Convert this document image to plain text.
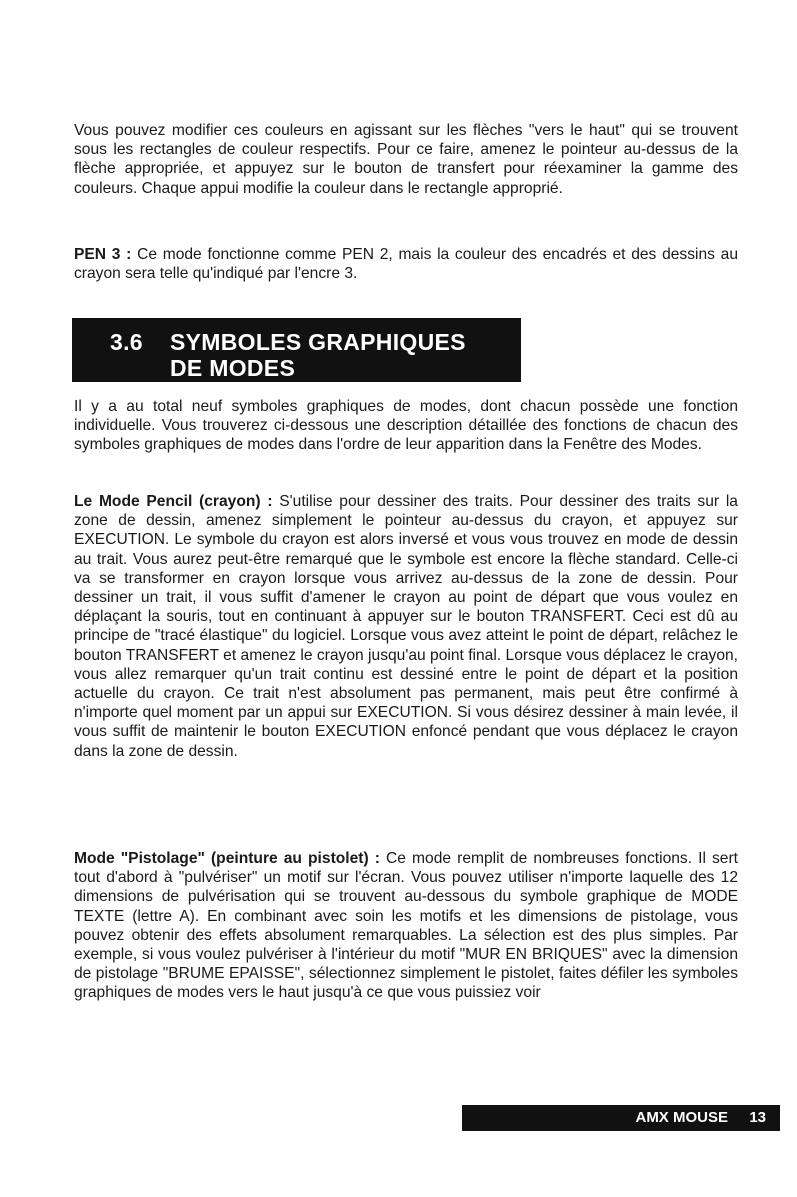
Vous pouvez modifier ces couleurs en agissant sur les flèches "vers le haut" qui se trouvent sous les rectangles de couleur respectifs. Pour ce faire, amenez le pointeur au-dessus de la flèche appropriée, et appuyez sur le bouton de transfert pour réexaminer la gamme des couleurs. Chaque appui modifie la couleur dans le rectangle approprié.

PEN 3 : Ce mode fonctionne comme PEN 2, mais la couleur des encadrés et des dessins au crayon sera telle qu'indiqué par l'encre 3.

3.6 SYMBOLES GRAPHIQUES
DE MODES

Il y a au total neuf symboles graphiques de modes, dont chacun possède une fonction individuelle. Vous trouverez ci-dessous une description détaillée des fonctions de chacun des symboles graphiques de modes dans l'ordre de leur apparition dans la Fenêtre des Modes.

Le Mode Pencil (crayon) : S'utilise pour dessiner des traits. Pour dessiner des traits sur la zone de dessin, amenez simplement le pointeur au-dessus du crayon, et appuyez sur EXECUTION. Le symbole du crayon est alors inversé et vous vous trouvez en mode de dessin au trait. Vous aurez peut-être remarqué que le symbole est encore la flèche standard. Celle-ci va se transformer en crayon lorsque vous arrivez au-dessus de la zone de dessin. Pour dessiner un trait, il vous suffit d'amener le crayon au point de départ que vous voulez en déplaçant la souris, tout en continuant à appuyer sur le bouton TRANSFERT. Ceci est dû au principe de "tracé élastique" du logiciel. Lorsque vous avez atteint le point de départ, relâchez le bouton TRANSFERT et amenez le crayon jusqu'au point final. Lorsque vous déplacez le crayon, vous allez remarquer qu'un trait continu est dessiné entre le point de départ et la position actuelle du crayon. Ce trait n'est absolument pas permanent, mais peut être confirmé à n'importe quel moment par un appui sur EXECUTION. Si vous désirez dessiner à main levée, il vous suffit de maintenir le bouton EXECUTION enfoncé pendant que vous déplacez le crayon dans la zone de dessin.

Mode "Pistolage" (peinture au pistolet) : Ce mode remplit de nombreuses fonctions. Il sert tout d'abord à "pulvériser" un motif sur l'écran. Vous pouvez utiliser n'importe laquelle des 12 dimensions de pulvérisation qui se trouvent au-dessous du symbole graphique de MODE TEXTE (lettre A). En combinant avec soin les motifs et les dimensions de pistolage, vous pouvez obtenir des effets absolument remarquables. La sélection est des plus simples. Par exemple, si vous voulez pulvériser à l'intérieur du motif "MUR EN BRIQUES" avec la dimension de pistolage "BRUME EPAISSE", sélectionnez simplement le pistolet, faites défiler les symboles graphiques de modes vers le haut jusqu'à ce que vous puissiez voir

AMX MOUSE 13
